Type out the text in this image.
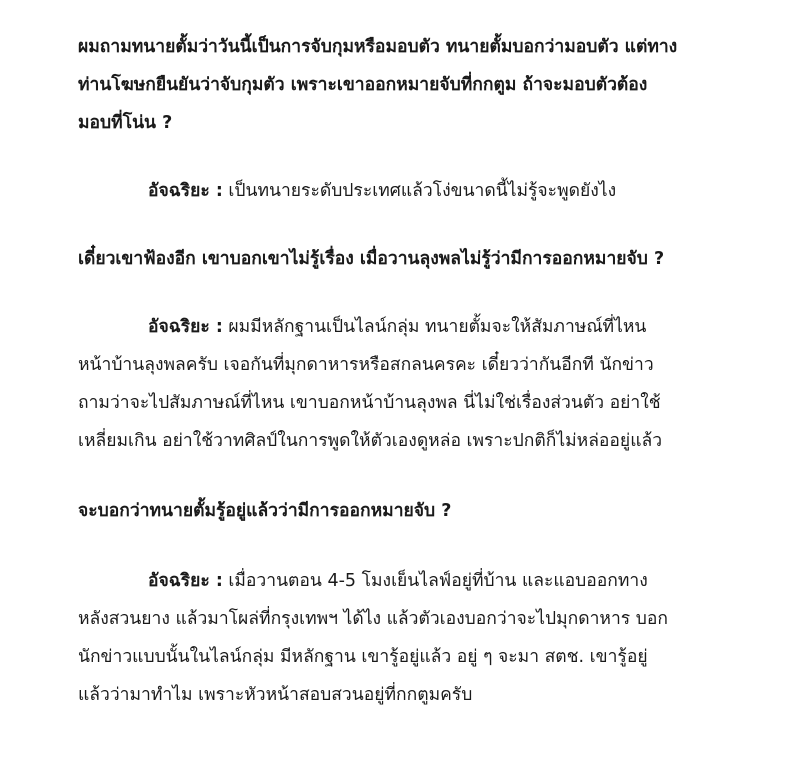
ผมถามทนายตั้มว่าวันนี้เป็นการจับกุมหรือมอบตัว ทนายตั้มบอกว่ามอบตัว แต่ทางท่านโฆษกยืนยันว่าจับกุมตัว เพราะเขาออกหมายจับที่กกตูม ถ้าจะมอบตัวต้องมอบที่โน่น ?

อัจฉริยะ : เป็นทนายระดับประเทศแล้วโง่ขนาดนี้ไม่รู้จะพูดยังไง

เดี๋ยวเขาฟ้องอีก เขาบอกเขาไม่รู้เรื่อง เมื่อวานลุงพลไม่รู้ว่ามีการออกหมายจับ ?

อัจฉริยะ : ผมมีหลักฐานเป็นไลน์กลุ่ม ทนายตั้มจะให้สัมภาษณ์ที่ไหน หน้าบ้านลุงพลครับ เจอกันที่มุกดาหารหรือสกลนครคะ เดี๋ยวว่ากันอีกที นักข่าวถามว่าจะไปสัมภาษณ์ที่ไหน เขาบอกหน้าบ้านลุงพล นี่ไม่ใช่เรื่องส่วนตัว อย่าใช้เหลี่ยมเกิน อย่าใช้วาทศิลป์ในการพูดให้ตัวเองดูหล่อ เพราะปกติก็ไม่หล่ออยู่แล้ว

จะบอกว่าทนายตั้มรู้อยู่แล้วว่ามีการออกหมายจับ ?

อัจฉริยะ : เมื่อวานตอน 4-5 โมงเย็นไลฟ์อยู่ที่บ้าน และแอบออกทางหลังสวนยาง แล้วมาโผล่ที่กรุงเทพฯ ได้ไง แล้วตัวเองบอกว่าจะไปมุกดาหาร บอกนักข่าวแบบนั้นในไลน์กลุ่ม มีหลักฐาน เขารู้อยู่แล้ว อยู่ ๆ จะมา สตช. เขารู้อยู่แล้วว่ามาทำไม เพราะหัวหน้าสอบสวนอยู่ที่กกตูมครับ
